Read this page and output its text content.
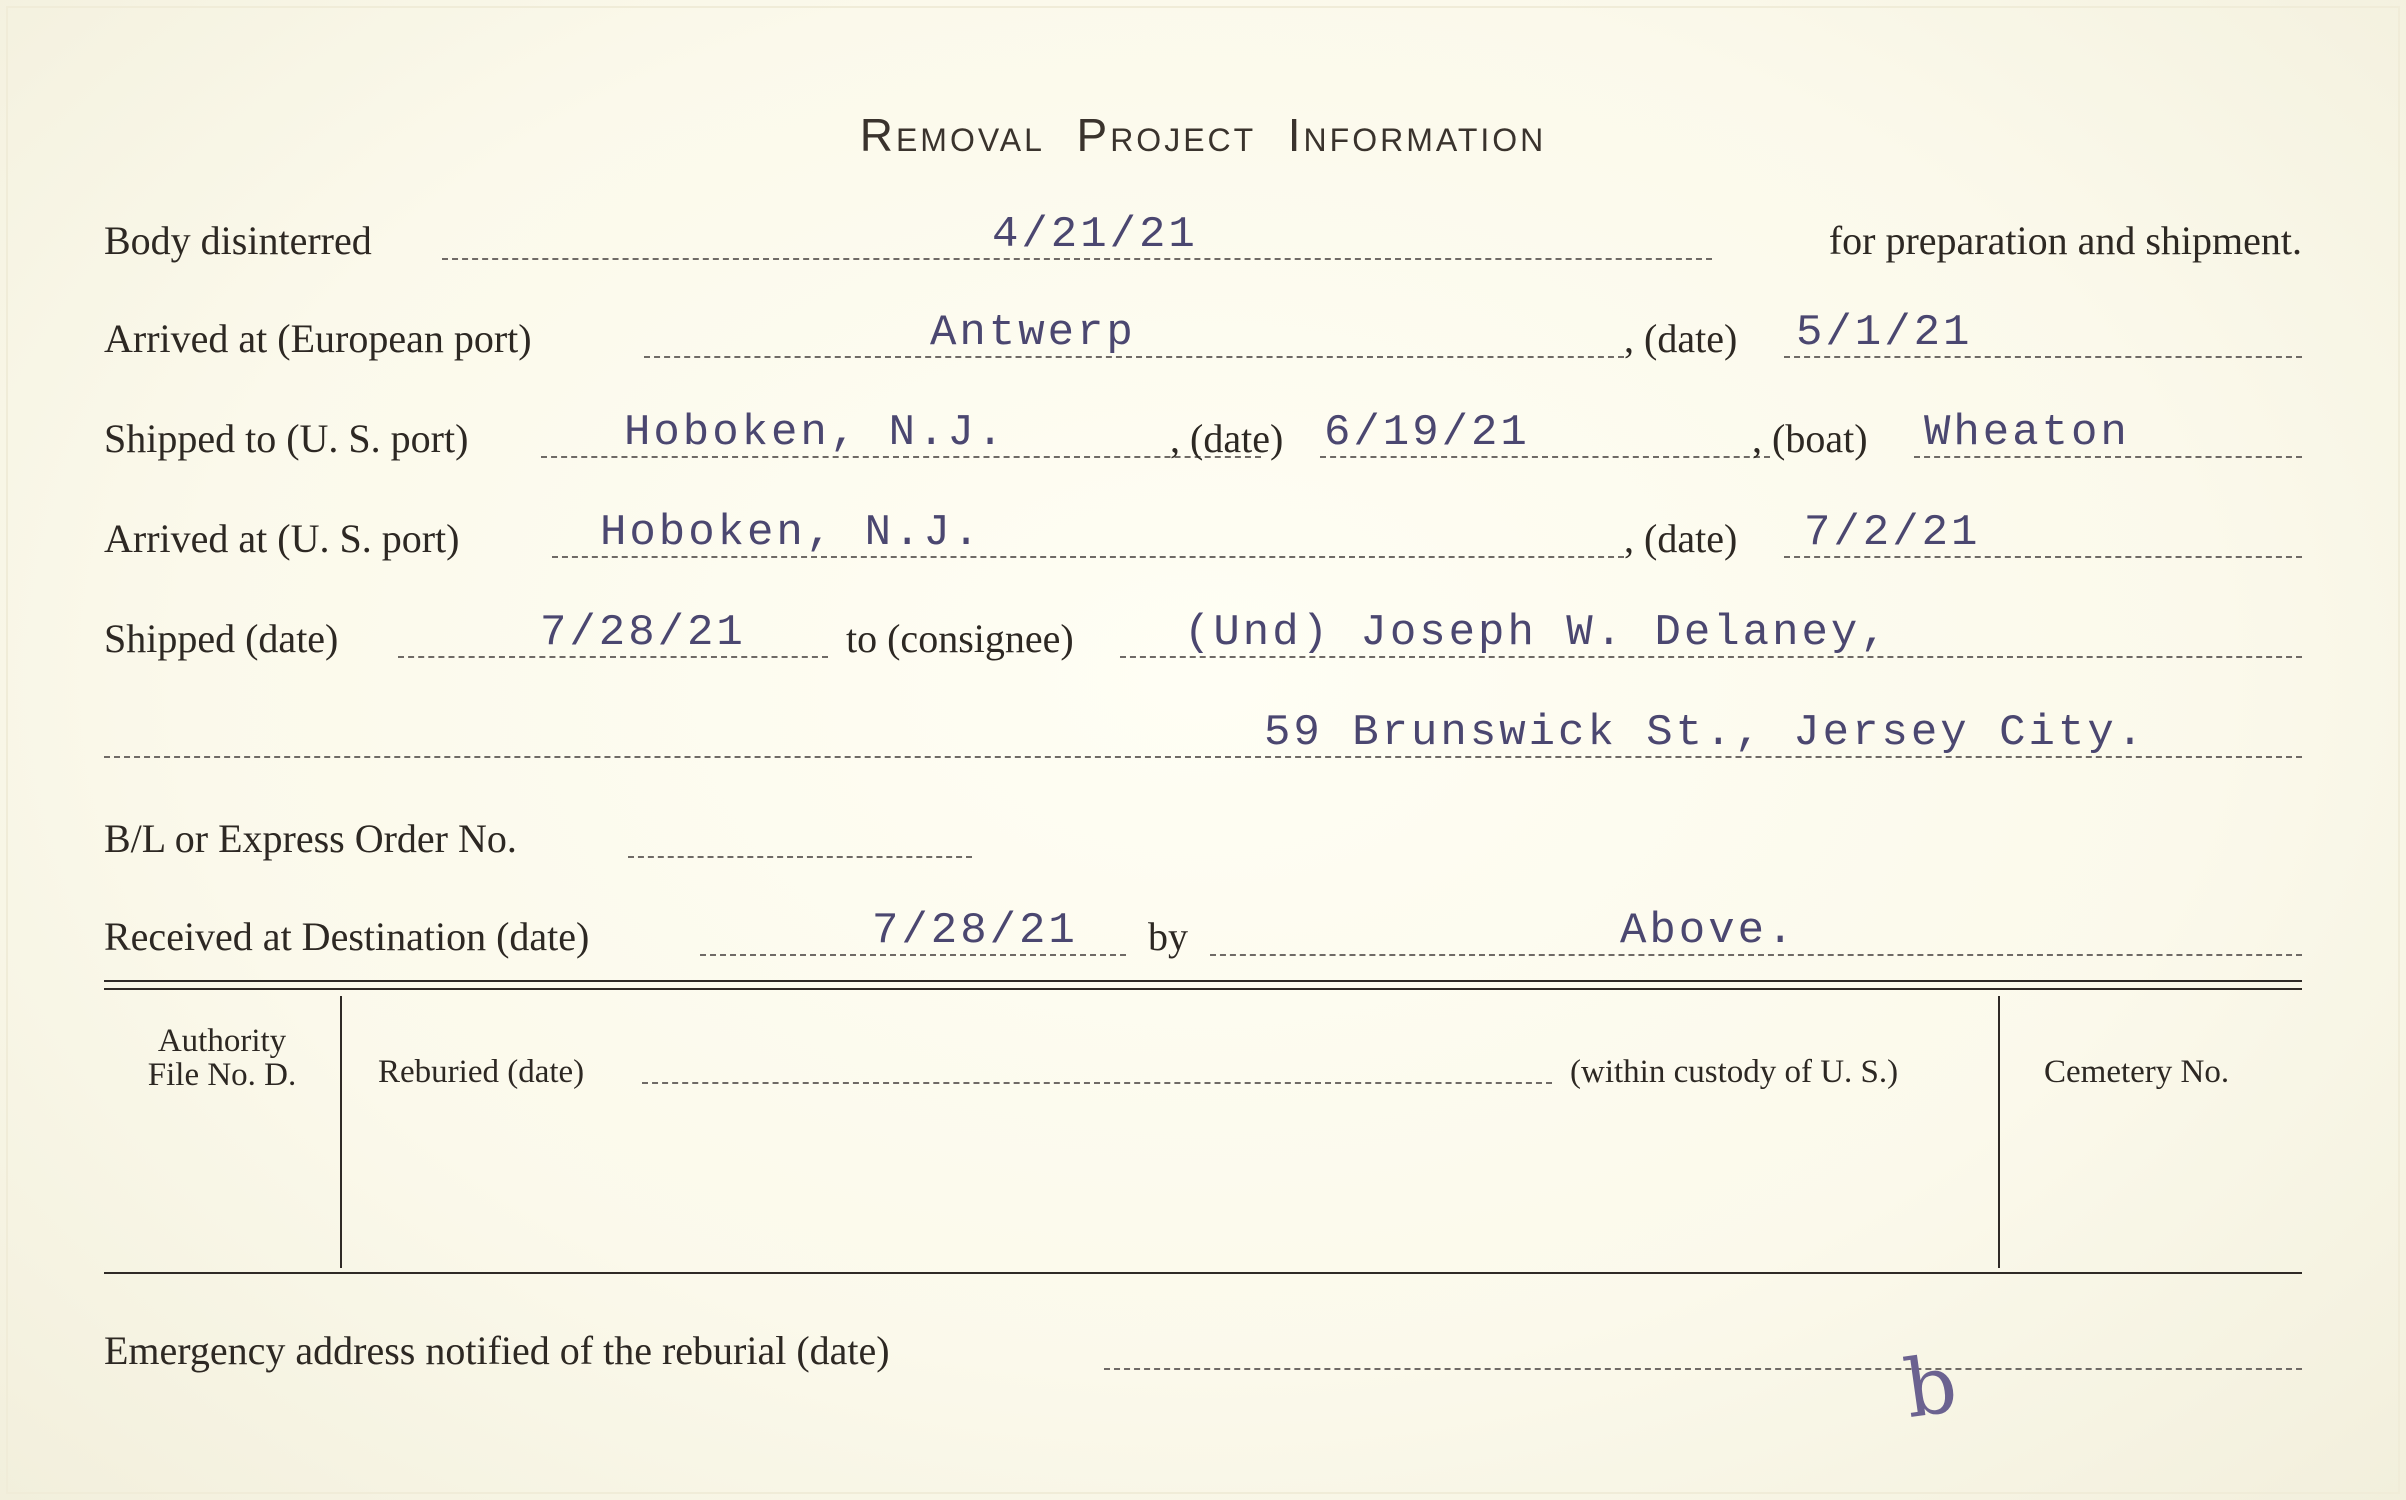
Removal Project Information
Body disinterred	4/21/21	for preparation and shipment.
Arrived at (European port)	Antwerp	, (date) 5/1/21
Shipped to (U. S. port)	Hoboken, N.J.	, (date) 6/19/21	, (boat) Wheaton
Arrived at (U. S. port)	Hoboken, N.J.	, (date) 7/2/21
Shipped (date)	7/28/21	to (consignee)	(Und) Joseph W. Delaney,
59 Brunswick St., Jersey City.
B/L or Express Order No.
Received at Destination (date)	7/28/21 by	Above.
Authority
File No. D.	Reburied (date)	(within custody of U. S.)	Cemetery No.
Emergency address notified of the reburial (date)	b
